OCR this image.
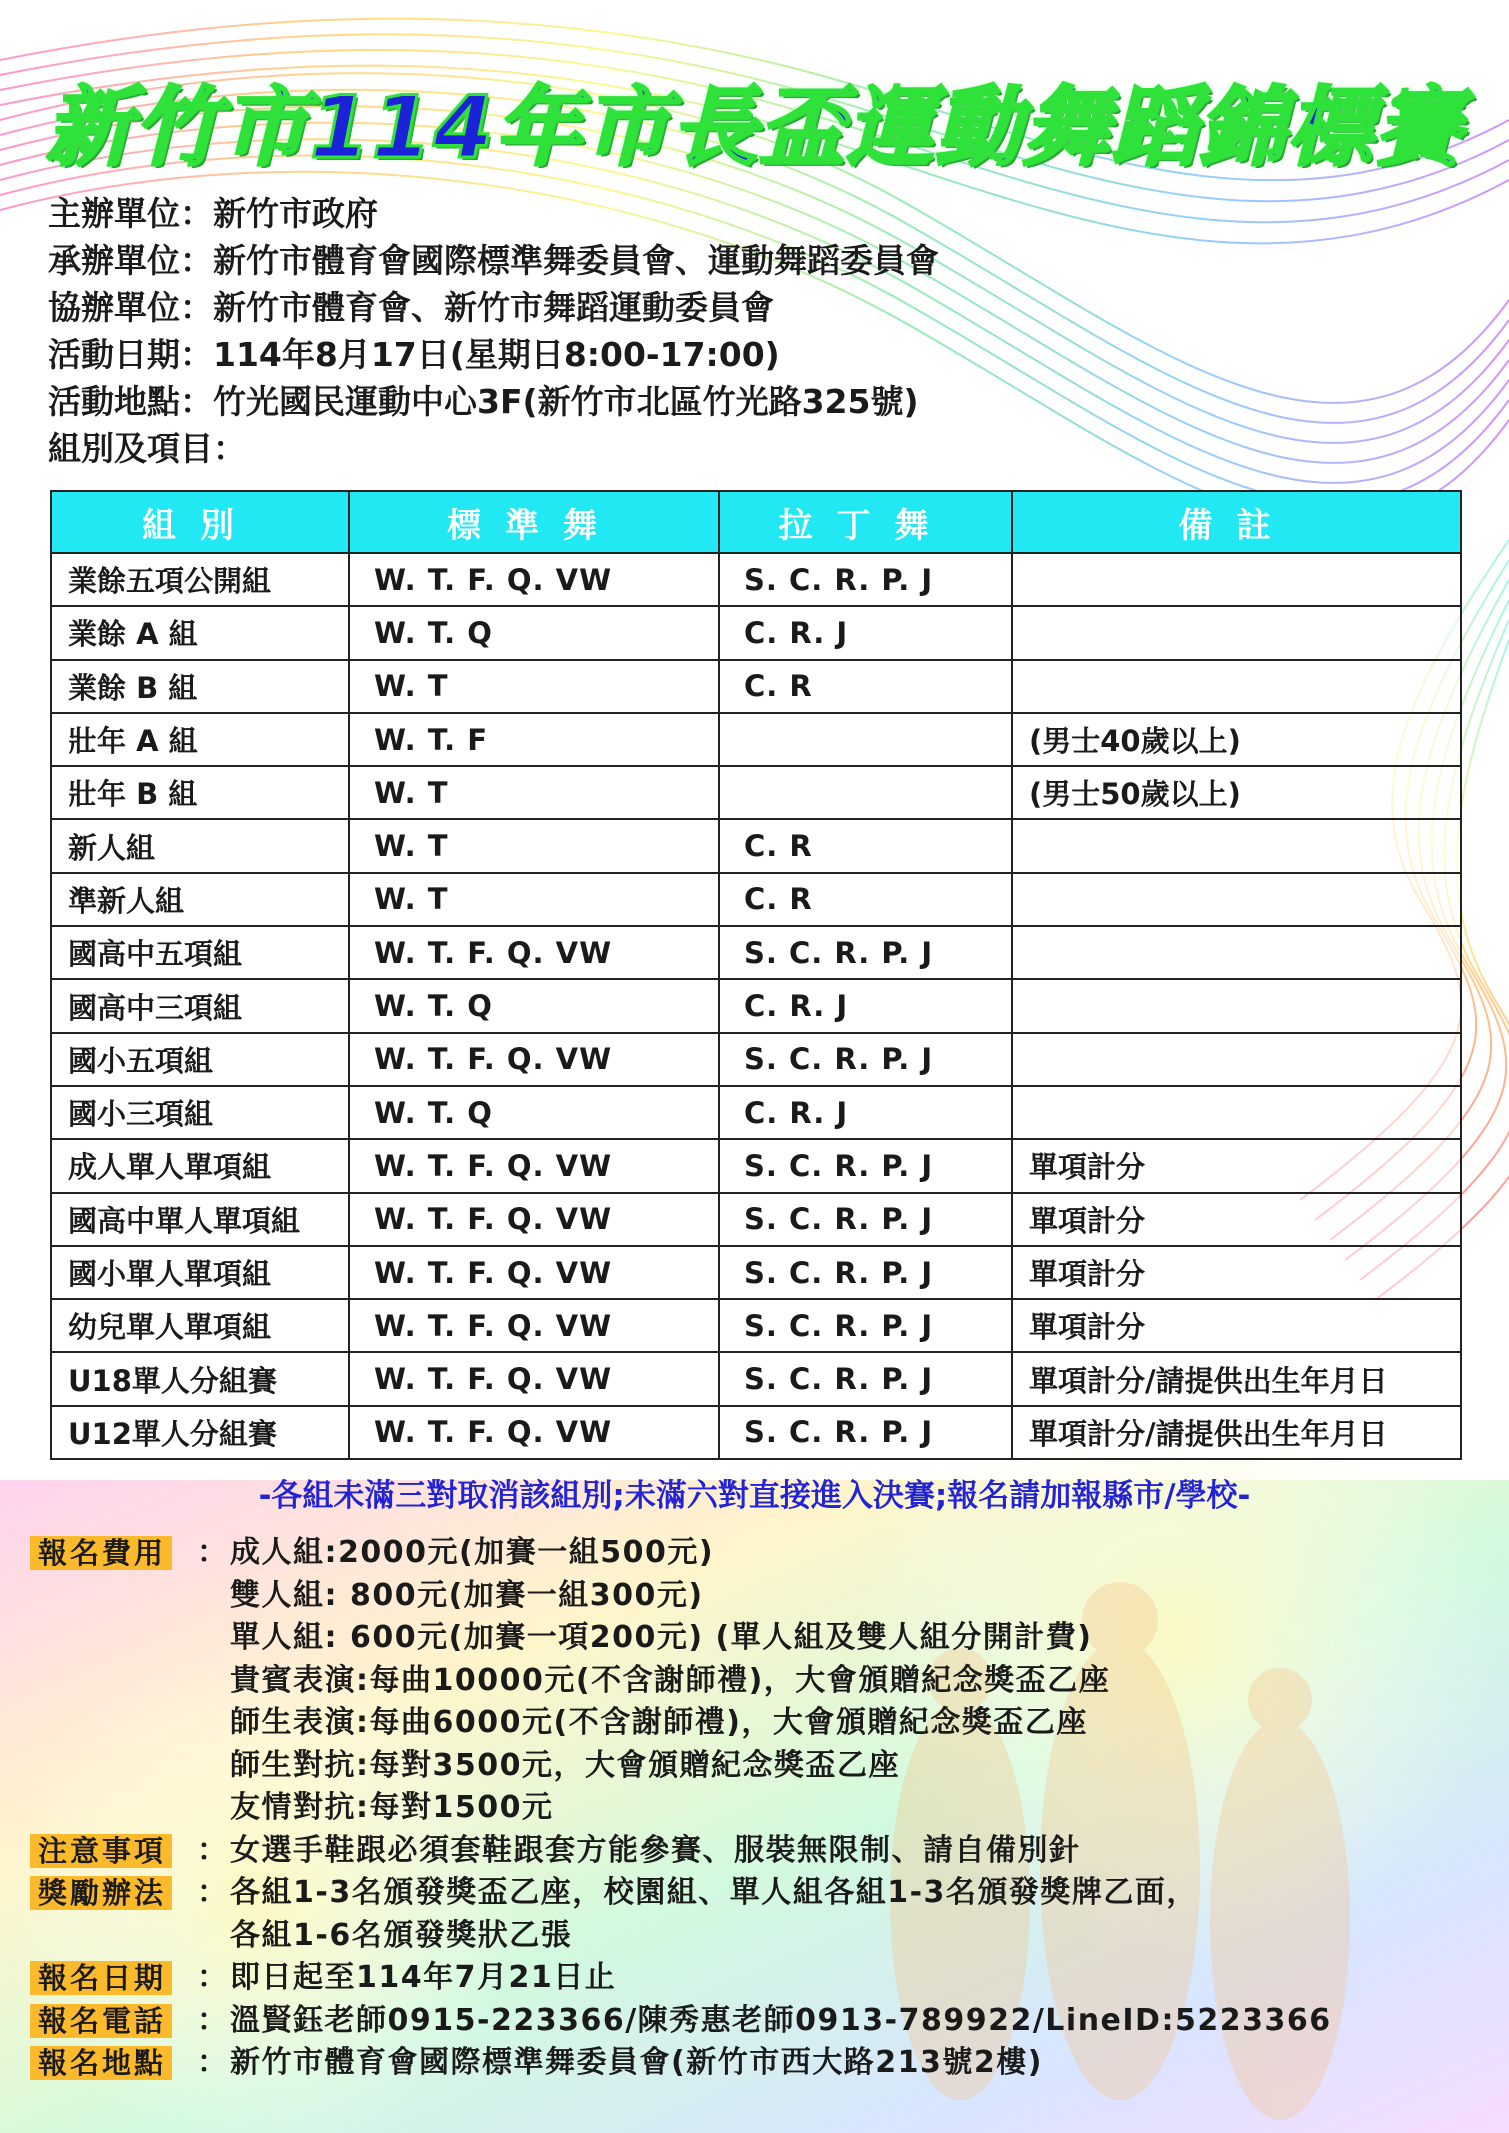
新竹市114年市長盃運動舞蹈錦標賽
主辦單位：新竹市政府
承辦單位：新竹市體育會國際標準舞委員會、運動舞蹈委員會
協辦單位：新竹市體育會、新竹市舞蹈運動委員會
活動日期：114年8月17日(星期日8:00-17:00)
活動地點：竹光國民運動中心3F(新竹市北區竹光路325號)
組別及項目：
組別	標準舞	拉丁舞	備註
業餘五項公開組	W. T. F. Q. VW	S. C. R. P. J	
業餘 A 組	W. T. Q	C. R. J	
業餘 B 組	W. T	C. R	
壯年 A 組	W. T. F		(男士40歲以上)
壯年 B 組	W. T		(男士50歲以上)
新人組	W. T	C. R	
準新人組	W. T	C. R	
國高中五項組	W. T. F. Q. VW	S. C. R. P. J	
國高中三項組	W. T. Q	C. R. J	
國小五項組	W. T. F. Q. VW	S. C. R. P. J	
國小三項組	W. T. Q	C. R. J	
成人單人單項組	W. T. F. Q. VW	S. C. R. P. J	單項計分
國高中單人單項組	W. T. F. Q. VW	S. C. R. P. J	單項計分
國小單人單項組	W. T. F. Q. VW	S. C. R. P. J	單項計分
幼兒單人單項組	W. T. F. Q. VW	S. C. R. P. J	單項計分
U18單人分組賽	W. T. F. Q. VW	S. C. R. P. J	單項計分/請提供出生年月日
U12單人分組賽	W. T. F. Q. VW	S. C. R. P. J	單項計分/請提供出生年月日
-各組未滿三對取消該組別;未滿六對直接進入決賽;報名請加報縣市/學校-
報名費用 ： 成人組:2000元(加賽一組500元)
雙人組: 800元(加賽一組300元)
單人組: 600元(加賽一項200元) (單人組及雙人組分開計費)
貴賓表演:每曲10000元(不含謝師禮)，大會頒贈紀念獎盃乙座
師生表演:每曲6000元(不含謝師禮)，大會頒贈紀念獎盃乙座
師生對抗:每對3500元，大會頒贈紀念獎盃乙座
友情對抗:每對1500元
注意事項 ： 女選手鞋跟必須套鞋跟套方能參賽、服裝無限制、請自備別針
獎勵辦法 ： 各組1-3名頒發獎盃乙座，校園組、單人組各組1-3名頒發獎牌乙面，
各組1-6名頒發獎狀乙張
報名日期 ： 即日起至114年7月21日止
報名電話 ： 溫賢鈺老師0915-223366/陳秀惠老師0913-789922/LineID:5223366
報名地點 ： 新竹市體育會國際標準舞委員會(新竹市西大路213號2樓)
